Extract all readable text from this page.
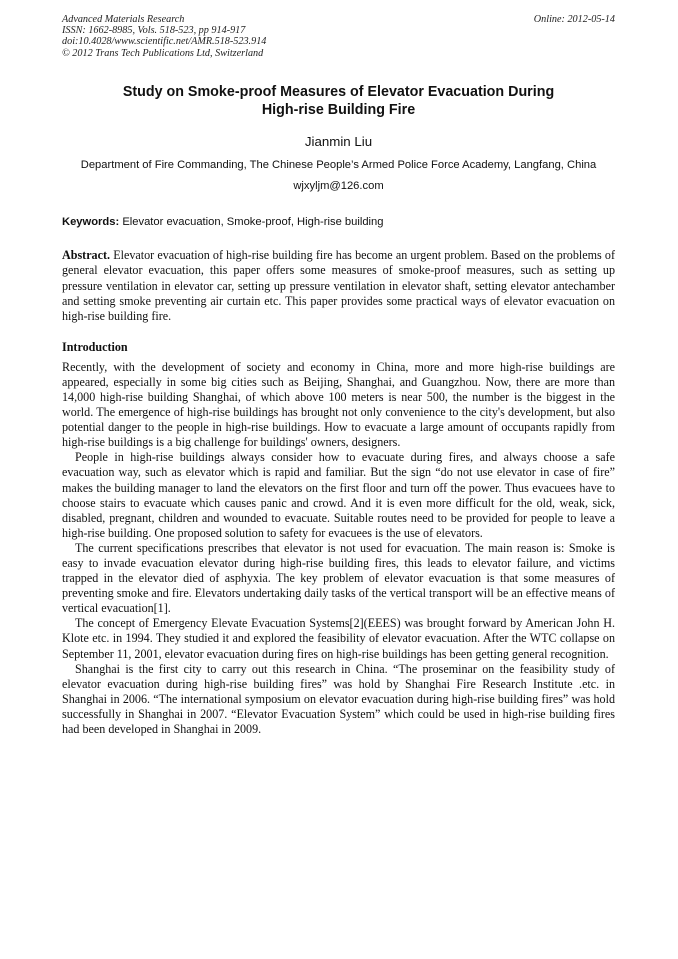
Advanced Materials Research
ISSN: 1662-8985, Vols. 518-523, pp 914-917
doi:10.4028/www.scientific.net/AMR.518-523.914
© 2012 Trans Tech Publications Ltd, Switzerland
Online: 2012-05-14
Study on Smoke-proof Measures of Elevator Evacuation During
High-rise Building Fire
Jianmin Liu
Department of Fire Commanding, The Chinese People’s Armed Police Force Academy, Langfang, China
wjxyljm@126.com
Keywords: Elevator evacuation, Smoke-proof, High-rise building
Abstract. Elevator evacuation of high-rise building fire has become an urgent problem. Based on the problems of general elevator evacuation, this paper offers some measures of smoke-proof measures, such as setting up pressure ventilation in elevator car, setting up pressure ventilation in elevator shaft, setting elevator antechamber and setting smoke preventing air curtain etc. This paper provides some practical ways of elevator evacuation on high-rise building fire.
Introduction

Recently, with the development of society and economy in China, more and more high-rise buildings are appeared, especially in some big cities such as Beijing, Shanghai, and Guangzhou. Now, there are more than 14,000 high-rise building Shanghai, of which above 100 meters is near 500, the number is the biggest in the world. The emergence of high-rise buildings has brought not only convenience to the city's development, but also potential danger to the people in high-rise buildings. How to evacuate a large amount of occupants rapidly from high-rise buildings is a big challenge for buildings' owners, designers.

People in high-rise buildings always consider how to evacuate during fires, and always choose a safe evacuation way, such as elevator which is rapid and familiar. But the sign “do not use elevator in case of fire” makes the building manager to land the elevators on the first floor and turn off the power. Thus evacuees have to choose stairs to evacuate which causes panic and crowd. And it is even more difficult for the old, weak, sick, disabled, pregnant, children and wounded to evacuate. Suitable routes need to be provided for people to leave a high-rise building. One proposed solution to safety for evacuees is the use of elevators.

The current specifications prescribes that elevator is not used for evacuation. The main reason is: Smoke is easy to invade evacuation elevator during high-rise building fires, this leads to elevator failure, and victims trapped in the elevator died of asphyxia. The key problem of elevator evacuation is that some measures of preventing smoke and fire. Elevators undertaking daily tasks of the vertical transport will be an effective means of vertical evacuation[1].

The concept of Emergency Elevate Evacuation Systems[2](EEES) was brought forward by American John H. Klote etc. in 1994. They studied it and explored the feasibility of elevator evacuation. After the WTC collapse on September 11, 2001, elevator evacuation during fires on high-rise buildings has been getting general recognition.

Shanghai is the first city to carry out this research in China. “The proseminar on the feasibility study of elevator evacuation during high-rise building fires” was hold by Shanghai Fire Research Institute .etc. in Shanghai in 2006. “The international symposium on elevator evacuation during high-rise building fires” was hold successfully in Shanghai in 2007. “Elevator Evacuation System” which could be used in high-rise building fires had been developed in Shanghai in 2009.
